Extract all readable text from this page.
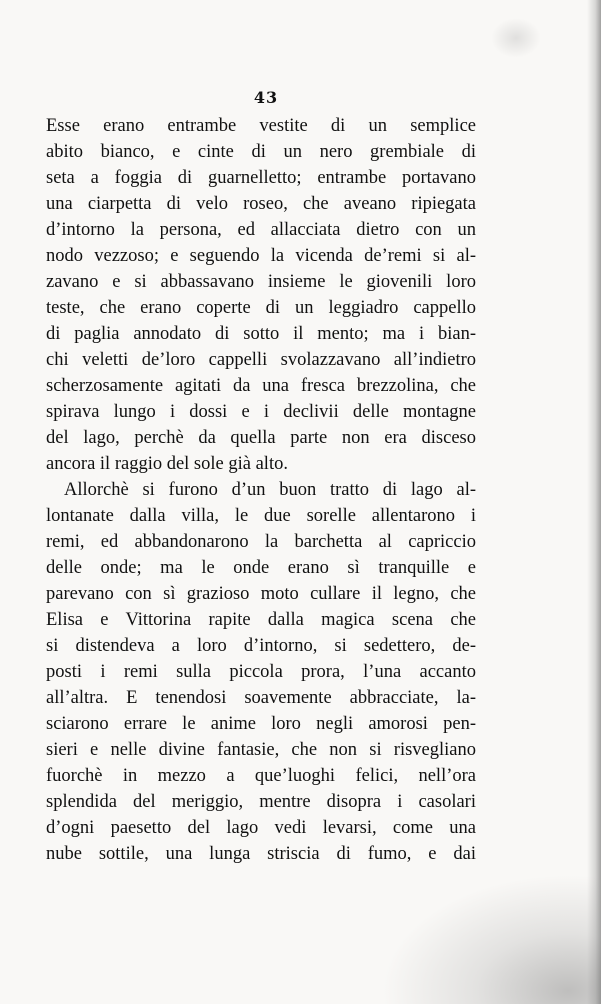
43
Esse erano entrambe vestite di un semplice
abito bianco, e cinte di un nero grembiale di
seta a foggia di guarnelletto; entrambe portavano
una ciarpetta di velo roseo, che aveano ripiegata
d’intorno la persona, ed allacciata dietro con un
nodo vezzoso; e seguendo la vicenda de’remi si al-
zavano e si abbassavano insieme le giovenili loro
teste, che erano coperte di un leggiadro cappello
di paglia annodato di sotto il mento; ma i bian-
chi veletti de’loro cappelli svolazzavano all’indietro
scherzosamente agitati da una fresca brezzolina, che
spirava lungo i dossi e i declivii delle montagne
del lago, perchè da quella parte non era disceso
ancora il raggio del sole già alto.
Allorchè si furono d’un buon tratto di lago al-
lontanate dalla villa, le due sorelle allentarono i
remi, ed abbandonarono la barchetta al capriccio
delle onde; ma le onde erano sì tranquille e
parevano con sì grazioso moto cullare il legno, che
Elisa e Vittorina rapite dalla magica scena che
si distendeva a loro d’intorno, si sedettero, de-
posti i remi sulla piccola prora, l’una accanto
all’altra. E tenendosi soavemente abbracciate, la-
sciarono errare le anime loro negli amorosi pen-
sieri e nelle divine fantasie, che non si risvegliano
fuorchè in mezzo a que’luoghi felici, nell’ora
splendida del meriggio, mentre disopra i casolari
d’ogni paesetto del lago vedi levarsi, come una
nube sottile, una lunga striscia di fumo, e dai
